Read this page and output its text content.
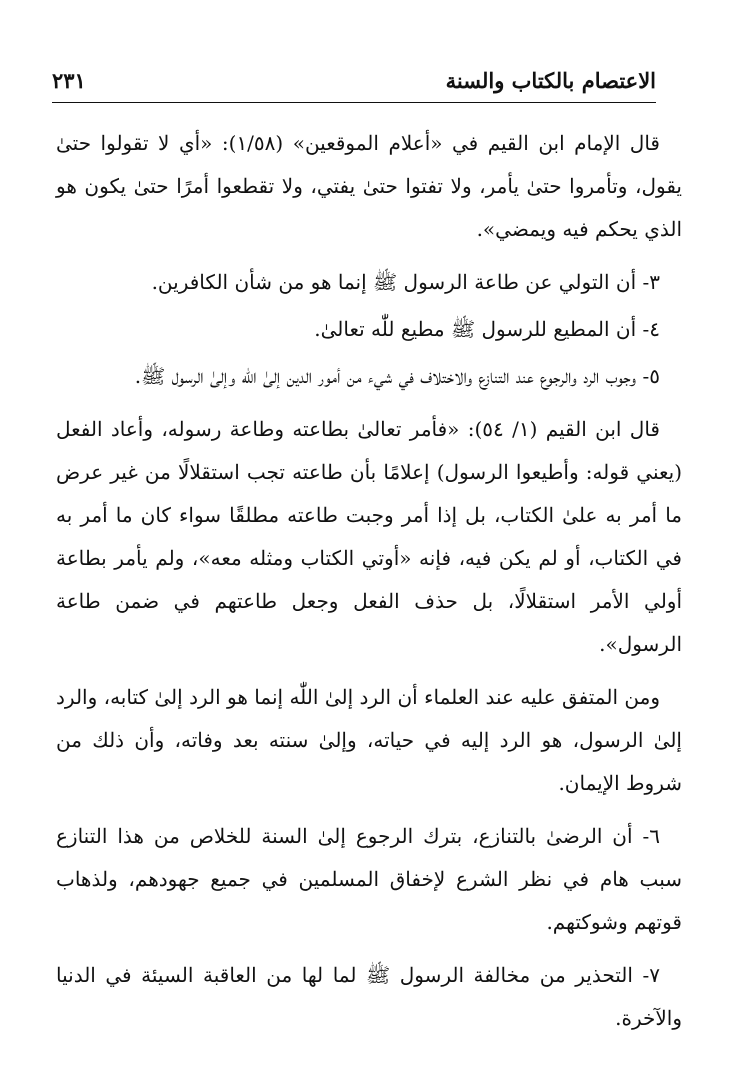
الاعتصام بالكتاب والسنة
٢٣١

قال الإمام ابن القيم في «أعلام الموقعين» (١/٥٨): «أي لا تقولوا حتىٰ يقول، وتأمروا حتىٰ يأمر، ولا تفتوا حتىٰ يفتي، ولا تقطعوا أمرًا حتىٰ يكون هو الذي يحكم فيه ويمضي».

٣- أن التولي عن طاعة الرسول ﷺ إنما هو من شأن الكافرين.

٤- أن المطيع للرسول ﷺ مطيع للّٰه تعالىٰ.

٥- وجوب الرد والرجوع عند التنازع والاختلاف في شيء من أمور الدين إلىٰ اللّٰه وإلىٰ الرسول ﷺ.

قال ابن القيم (١/ ٥٤): «فأمر تعالىٰ بطاعته وطاعة رسوله، وأعاد الفعل (يعني قوله: وأطيعوا الرسول) إعلامًا بأن طاعته تجب استقلالًا من غير عرض ما أمر به علىٰ الكتاب، بل إذا أمر وجبت طاعته مطلقًا سواء كان ما أمر به في الكتاب، أو لم يكن فيه، فإنه «أوتي الكتاب ومثله معه»، ولم يأمر بطاعة أولي الأمر استقلالًا، بل حذف الفعل وجعل طاعتهم في ضمن طاعة الرسول».

ومن المتفق عليه عند العلماء أن الرد إلىٰ اللّٰه إنما هو الرد إلىٰ كتابه، والرد إلىٰ الرسول، هو الرد إليه في حياته، وإلىٰ سنته بعد وفاته، وأن ذلك من شروط الإيمان.

٦- أن الرضىٰ بالتنازع، بترك الرجوع إلىٰ السنة للخلاص من هذا التنازع سبب هام في نظر الشرع لإخفاق المسلمين في جميع جهودهم، ولذهاب قوتهم وشوكتهم.

٧- التحذير من مخالفة الرسول ﷺ لما لها من العاقبة السيئة في الدنيا والآخرة.
